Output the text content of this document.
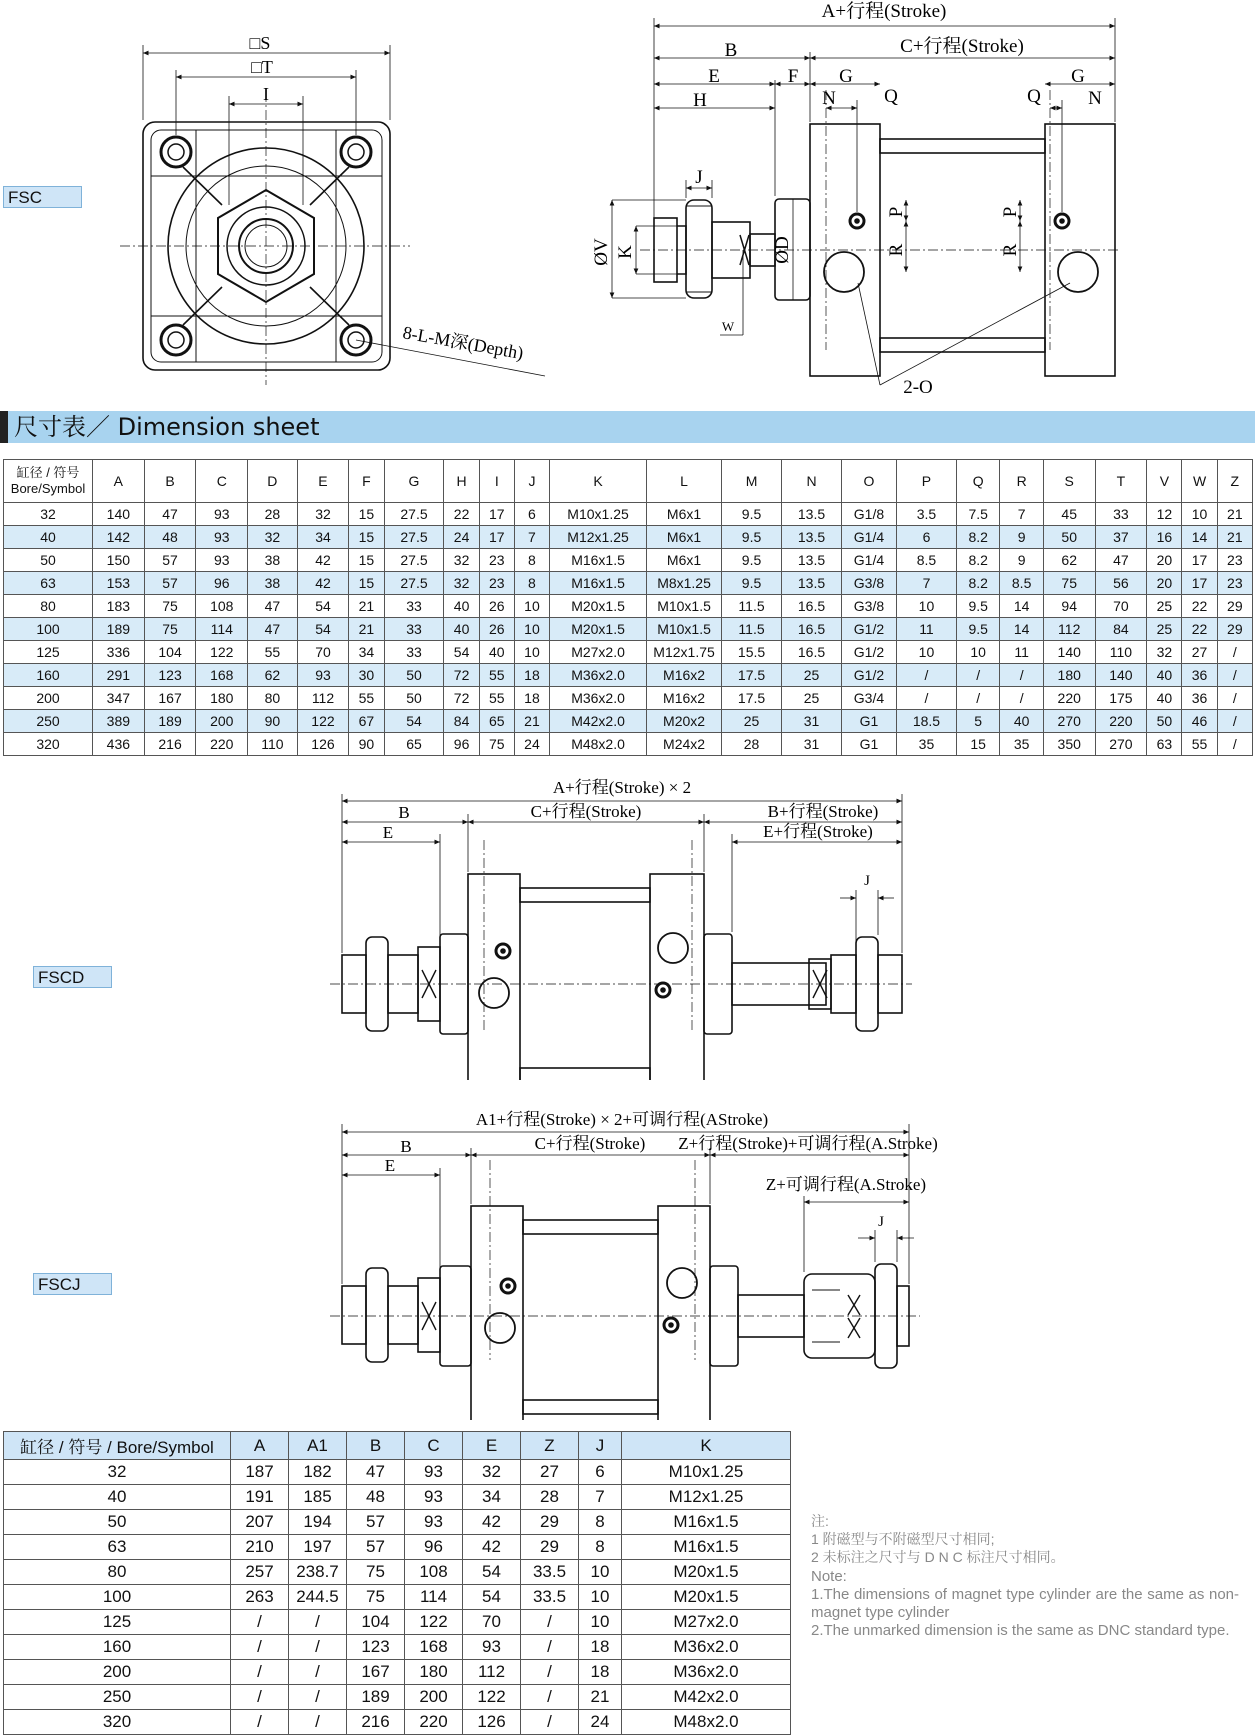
□S
□T
I
8-L-M深(Depth)
A+行程(Stroke)
B	C+行程(Stroke)
E	F G	G
H	N	Q	Q N
J
ØV K	ØD	R
P
R
P
W
2-O
FSC
尺寸表／ Dimension sheet
缸径 / 符号
Bore/Symbol	A	B	C	D	E	F	G	H	I	J	K	L	M	N	O	P	Q	R	S	T	V	W	Z
32	140	47	93	28	32	15	27.5	22	17	6	M10x1.25	M6x1	9.5	13.5	G1/8	3.5	7.5	7	45	33	12	10	21
40	142	48	93	32	34	15	27.5	24	17	7	M12x1.25	M6x1	9.5	13.5	G1/4	6	8.2	9	50	37	16	14	21
50	150	57	93	38	42	15	27.5	32	23	8	M16x1.5	M6x1	9.5	13.5	G1/4	8.5	8.2	9	62	47	20	17	23
63	153	57	96	38	42	15	27.5	32	23	8	M16x1.5	M8x1.25	9.5	13.5	G3/8	7	8.2	8.5	75	56	20	17	23
80	183	75	108	47	54	21	33	40	26	10	M20x1.5	M10x1.5	11.5	16.5	G3/8	10	9.5	14	94	70	25	22	29
100	189	75	114	47	54	21	33	40	26	10	M20x1.5	M10x1.5	11.5	16.5	G1/2	11	9.5	14	112	84	25	22	29
125	336	104	122	55	70	34	33	54	40	10	M27x2.0	M12x1.75	15.5	16.5	G1/2	10	10	11	140	110	32	27	/
160	291	123	168	62	93	30	50	72	55	18	M36x2.0	M16x2	17.5	25	G1/2	/	/	/	180	140	40	36	/
200	347	167	180	80	112	55	50	72	55	18	M36x2.0	M16x2	17.5	25	G3/4	/	/	/	220	175	40	36	/
250	389	189	200	90	122	67	54	84	65	21	M42x2.0	M20x2	25	31	G1	18.5	5	40	270	220	50	46	/
320	436	216	220	110	126	90	65	96	75	24	M48x2.0	M24x2	28	31	G1	35	15	35	350	270	63	55	/
A+行程(Stroke) × 2
B
E
C+行程(Stroke)	B+行程(Stroke)
E+行程(Stroke)
J
FSCD
A1+行程(Stroke) × 2+可调行程(AStroke)
B
E
C+行程(Stroke) Z+行程(Stroke)+可调行程(A.Stroke)
Z+可调行程(A.Stroke)
J
FSCJ
缸径 / 符号 / Bore/Symbol	A	A1	B	C	E	Z	J	K
32	187	182	47	93	32	27	6	M10x1.25
40	191	185	48	93	34	28	7	M12x1.25
50	207	194	57	93	42	29	8	M16x1.5
63	210	197	57	96	42	29	8	M16x1.5
80	257	238.7	75	108	54	33.5	10	M20x1.5
100	263	244.5	75	114	54	33.5	10	M20x1.5
125	/	/	104	122	70	/	10	M27x2.0
160	/	/	123	168	93	/	18	M36x2.0
200	/	/	167	180	112	/	18	M36x2.0
250	/	/	189	200	122	/	21	M42x2.0
320	/	/	216	220	126	/	24	M48x2.0
注:
1 附磁型与不附磁型尺寸相同;
2 未标注之尺寸与 D N C 标注尺寸相同。
Note:
1.The dimensions of magnet type cylinder are the same as non-magnet type cylinder
2.The unmarked dimension is the same as DNC standard type.
